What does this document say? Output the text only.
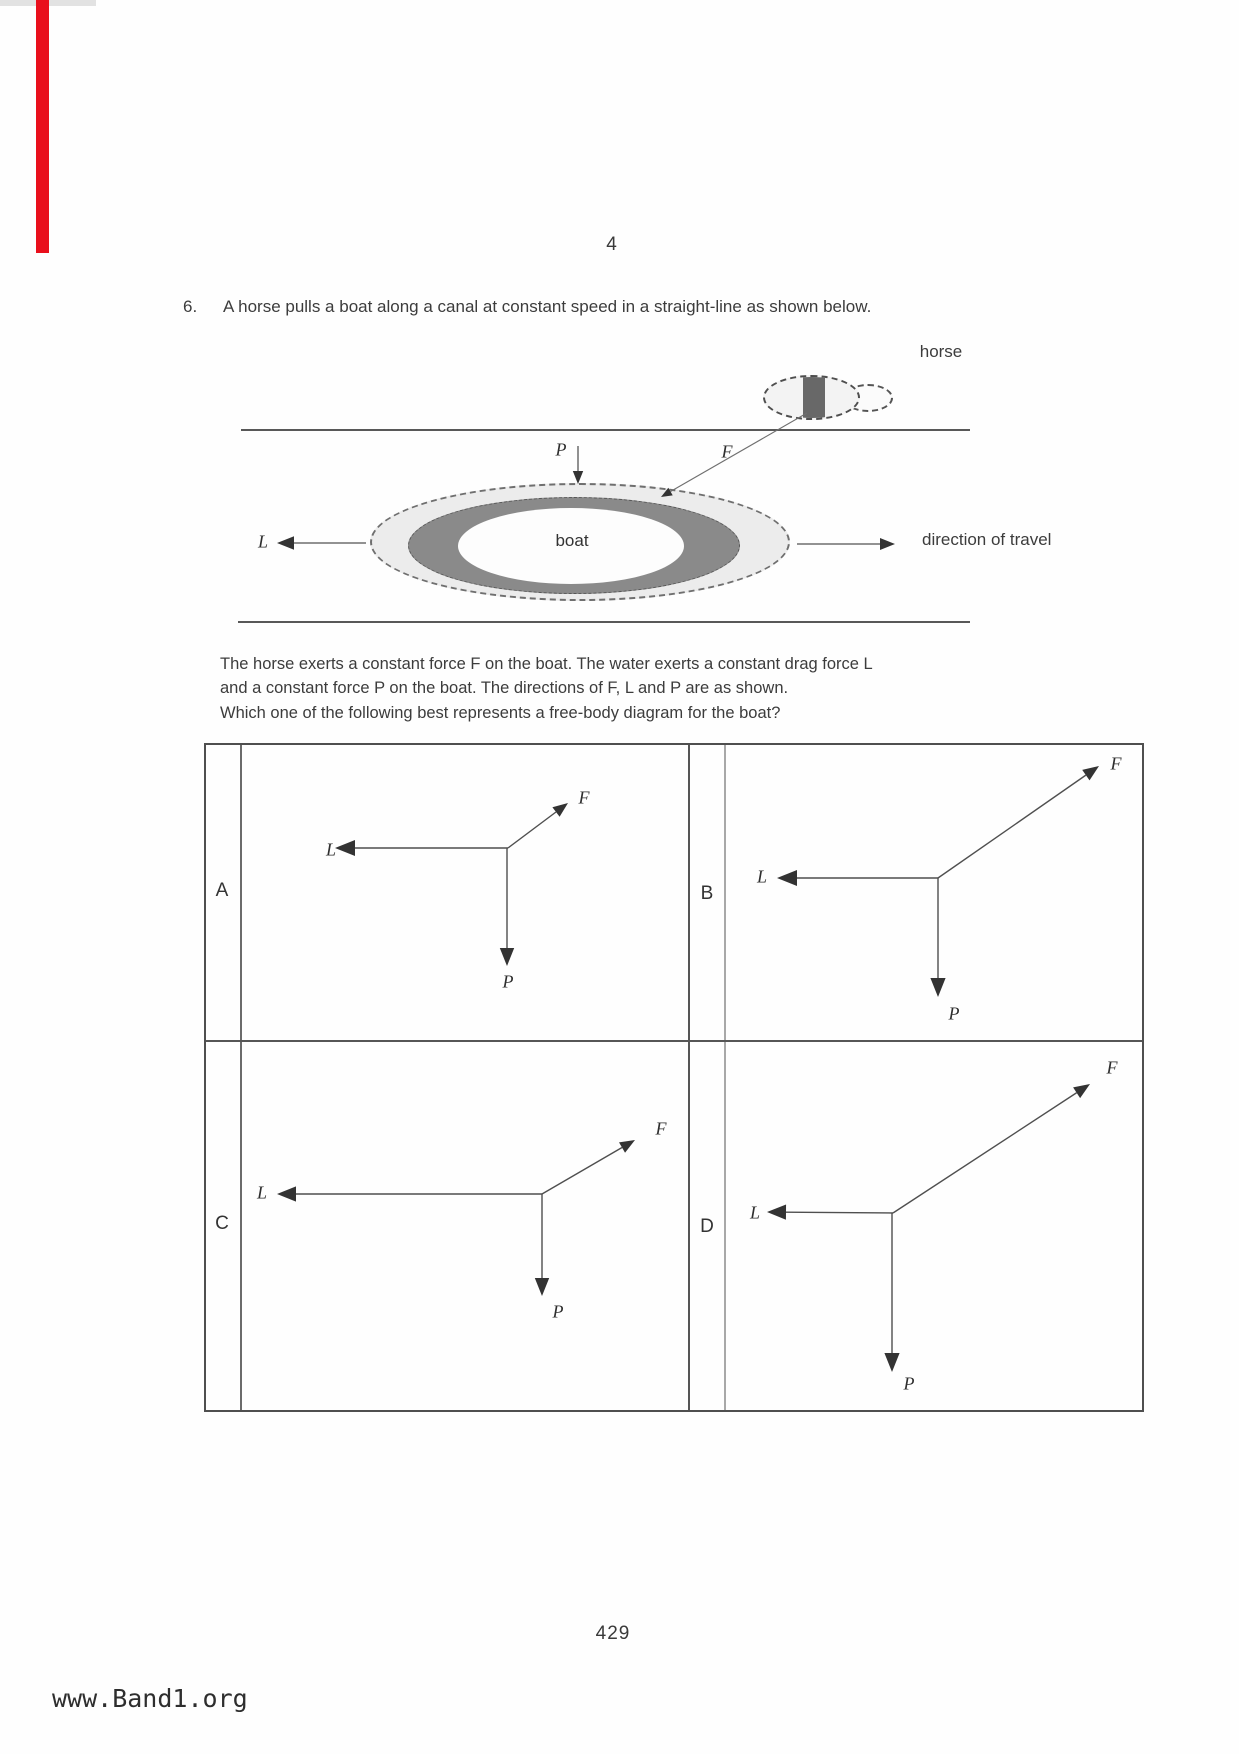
4
6. A horse pulls a boat along a canal at constant speed in a straight-line as shown below.
horse
boat	direction of travel
The horse exerts a constant force F on the boat. The water exerts a constant drag force L
and a constant force P on the boat. The directions of F, L and P are as shown.
Which one of the following best represents a free-body diagram for the boat?
A	B
C	D
429
www.Band1.org
P	F
L
F
L
P
F
L
P
F
L
P
F
L
P
